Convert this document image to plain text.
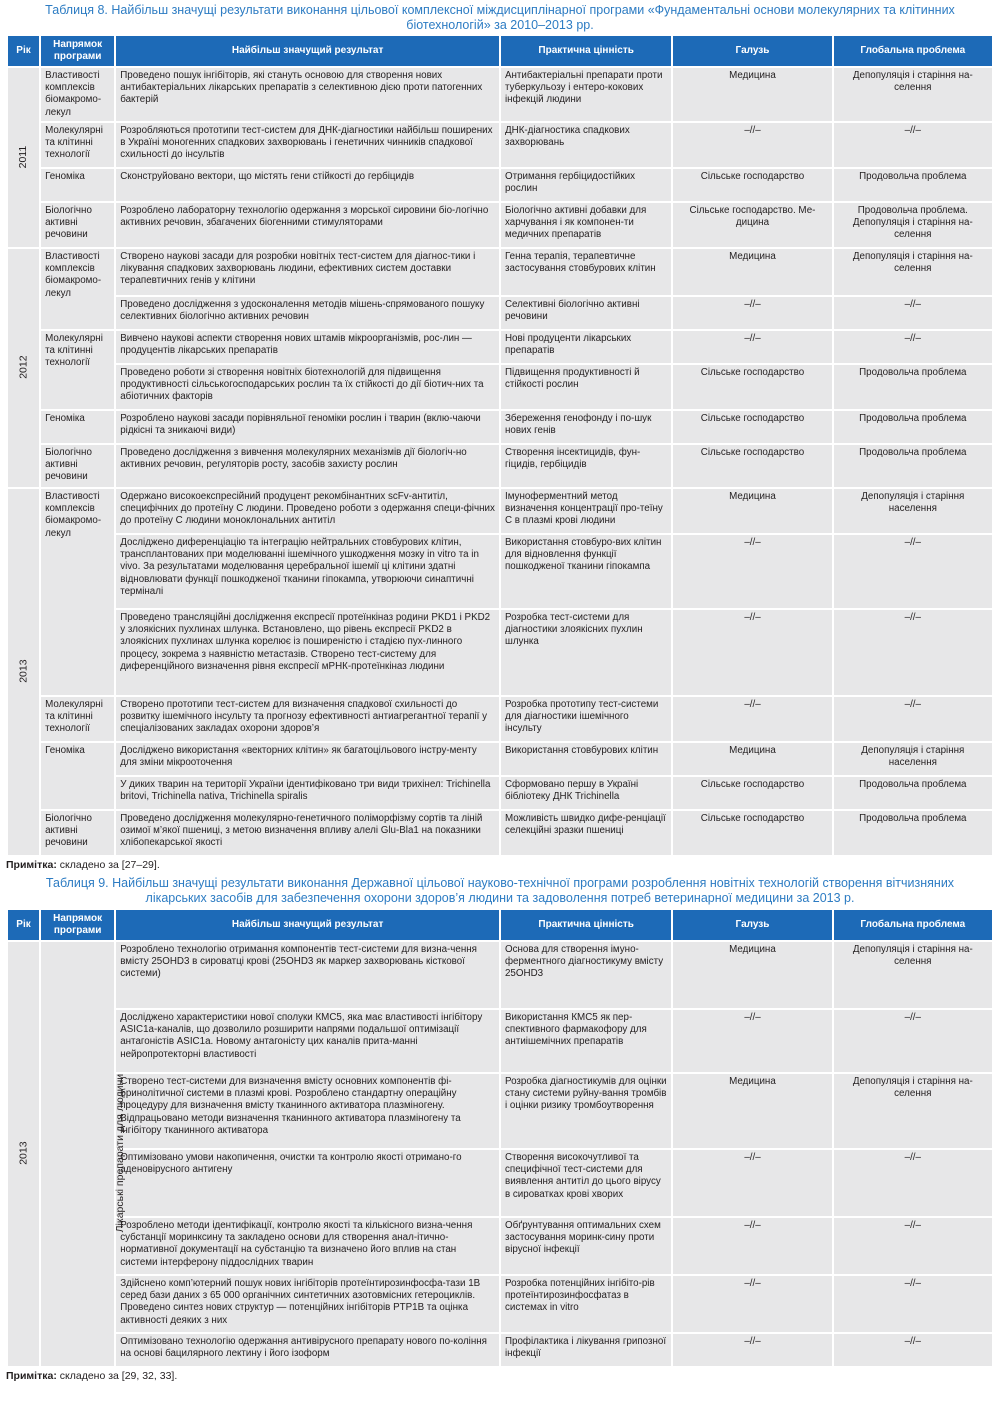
Таблиця 8. Найбільш значущі результати виконання цільової комплексної міждисциплінарної програми «Фундаментальні основи молекулярних та клітинних біотехнологій» за 2010–2013 рр.
Рік	Напрямок програми	Найбільш значущий результат	Практична цінність	Галузь	Глобальна проблема
2011	Властивості комплексів біомакромо-лекул	Проведено пошук інгібіторів, які стануть основою для створення нових антибактеріальних лікарських препаратів з селективною дією проти патогенних бактерій	Антибактеріальні препарати проти туберкульозу і ентеро-кокових інфекцій людини	Медицина	Депопуляція і старіння на-селення
	Молекулярні та клітинні технології	Розробляються прототипи тест-систем для ДНК-діагностики найбільш поширених в Україні моногенних спадкових захворювань і генетичних чинників спадкової схильності до інсультів	ДНК-діагностика спадкових захворювань	–//–	–//–
	Геноміка	Сконструйовано вектори, що містять гени стійкості до гербіцидів	Отримання гербіцидостійких рослин	Сільське господарство	Продовольча проблема
	Біологічно активні речовини	Розроблено лабораторну технологію одержання з морської сировини біо-логічно активних речовин, збагачених біогенними стимуляторами	Біологічно активні добавки для харчування і як компонен-ти медичних препаратів	Сільське господарство. Ме-дицина	Продовольча проблема. Депопуляція і старіння на-селення
2012	Властивості комплексів біомакромо-лекул	Створено наукові засади для розробки новітніх тест-систем для діагнос-тики і лікування спадкових захворювань людини, ефективних систем доставки терапевтичних генів у клітини	Генна терапія, терапевтичне застосування стовбурових клітин	Медицина	Депопуляція і старіння на-селення
		Проведено дослідження з удосконалення методів мішень-спрямованого пошуку селективних біологічно активних речовин	Селективні біологічно активні речовини	–//–	–//–
	Молекулярні та клітинні технології	Вивчено наукові аспекти створення нових штамів мікроорганізмів, рос-лин — продуцентів лікарських препаратів	Нові продуценти лікарських препаратів	–//–	–//–
		Проведено роботи зі створення новітніх біотехнологій для підвищення продуктивності сільськогосподарських рослин та їх стійкості до дії біотич-них та абіотичних факторів	Підвищення продуктивності й стійкості рослин	Сільське господарство	Продовольча проблема
	Геноміка	Розроблено наукові засади порівняльної геноміки рослин і тварин (вклю-чаючи рідкісні та зникаючі види)	Збереження генофонду і по-шук нових генів	Сільське господарство	Продовольча проблема
	Біологічно активні речовини	Проведено дослідження з вивчення молекулярних механізмів дії біологіч-но активних речовин, регуляторів росту, засобів захисту рослин	Створення інсектицидів, фун-гіцидів, гербіцидів	Сільське господарство	Продовольча проблема
2013	Властивості комплексів біомакромо-лекул	Одержано високоекспресійний продуцент рекомбінантних scFv-антитіл, специфічних до протеїну С людини. Проведено роботи з одержання специ-фічних до протеїну С людини моноклональних антитіл	Імуноферментний метод визначення концентрації про-теїну С в плазмі крові людини	Медицина	Депопуляція і старіння населення
		Досліджено диференціацію та інтеграцію нейтральних стовбурових клітин, трансплантованих при моделюванні ішемічного ушкодження мозку in vitro та in vivo. За результатами моделювання церебральної ішемії ці клітини здатні відновлювати функції пошкодженої тканини гіпокампа, утворюючи синаптичні терміналі	Використання стовбуро-вих клітин для відновлення функції пошкодженої тканини гіпокампа	–//–	–//–
		Проведено трансляційні дослідження експресії протеїнкіназ родини PKD1 і PKD2 у злоякісних пухлинах шлунка. Встановлено, що рівень експресії PKD2 в злоякісних пухлинах шлунка корелює із поширеністю і стадією пух-линного процесу, зокрема з наявністю метастазів. Створено тест-систему для диференційного визначення рівня експресії мРНК-протеїнкіназ людини	Розробка тест-системи для діагностики злоякісних пухлин шлунка	–//–	–//–
	Молекулярні та клітинні технології	Створено прототипи тест-систем для визначення спадкової схильності до розвитку ішемічного інсульту та прогнозу ефективності антиагрегантної терапії у спеціалізованих закладах охорони здоров’я	Розробка прототипу тест-системи для діагностики ішемічного інсульту	–//–	–//–
	Геноміка	Досліджено використання «векторних клітин» як багатоцільового інстру-менту для зміни мікрооточення	Використання стовбурових клітин	Медицина	Депопуляція і старіння населення
		У диких тварин на території України ідентифіковано три види трихінел: Trichinella britovi, Trichinella nativa, Trichinella spiralis	Сформовано першу в Україні бібліотеку ДНК Trichinella	Сільське господарство	Продовольча проблема
	Біологічно активні речовини	Проведено дослідження молекулярно-генетичного поліморфізму сортів та ліній озимої м’якої пшениці, з метою визначення впливу алелі Glu-Bla1 на показники хлібопекарської якості	Можливість швидко дифе-ренціації селекційні зразки пшениці	Сільське господарство	Продовольча проблема

Примітка: складено за [27–29].

Таблиця 9. Найбільш значущі результати виконання Державної цільової науково-технічної програми розроблення новітніх технологій створення вітчизняних лікарських засобів для забезпечення охорони здоров’я людини та задоволення потреб ветеринарної медицини за 2013 р.
Рік	Напрямок програми	Найбільш значущий результат	Практична цінність	Галузь	Глобальна проблема
2013	Лікарські препарати для людини	Розроблено технологію отримання компонентів тест-системи для визна-чення вмісту 25OHD3 в сироватці крові (25OHD3 як маркер захворювань кісткової системи)	Основа для створення імуно-ферментного діагностикуму вмісту 25OHD3	Медицина	Депопуляція і старіння на-селення
		Досліджено характеристики нової сполуки КМС5, яка має властивості інгібітору ASIC1a-каналів, що дозволило розширити напрями подальшої оптимізації антагоністів ASIC1a. Новому антагоністу цих каналів прита-манні нейропротекторні властивості	Використання КМС5 як пер-спективного фармакофору для антиішемічних препаратів	–//–	–//–
		Створено тест-системи для визначення вмісту основних компонентів фі-бринолітичної системи в плазмі крові. Розроблено стандартну операційну процедуру для визначення вмісту тканинного активатора плазміногену. Відпрацьовано методи визначення тканинного активатора плазміногену та інгібітору тканинного активатора	Розробка діагностикумів для оцінки стану системи руйну-вання тромбів і оцінки ризику тромбоутворення	Медицина	Депопуляція і старіння на-селення
		Оптимізовано умови накопичення, очистки та контролю якості отримано-го аденовірусного антигену	Створення високочутливої та специфічної тест-системи для виявлення антитіл до цього вірусу в сироватках крові хворих	–//–	–//–
		Розроблено методи ідентифікації, контролю якості та кількісного визна-чення субстанції моринксину та закладено основи для створення анал-ітично-нормативної документації на субстанцію та визначено його вплив на стан системи інтерферону піддослідних тварин	Обґрунтування оптимальних схем застосування моринк-сину проти вірусної інфекції	–//–	–//–
		Здійснено комп’ютерний пошук нових інгібіторів протеїнтирозинфосфа-тази 1B серед бази даних з 65 000 органічних синтетичних азотовмісних гетероциклів. Проведено синтез нових структур — потенційних інгібіторів PTP1B та оцінка активності деяких з них	Розробка потенційних інгібіто-рів протеїнтирозинфосфатаз в системах in vitro	–//–	–//–
		Оптимізовано технологію одержання антивірусного препарату нового по-коління на основі бацилярного лектину і його ізоформ	Профілактика і лікування грипозної інфекції	–//–	–//–

Примітка: складено за [29, 32, 33].
